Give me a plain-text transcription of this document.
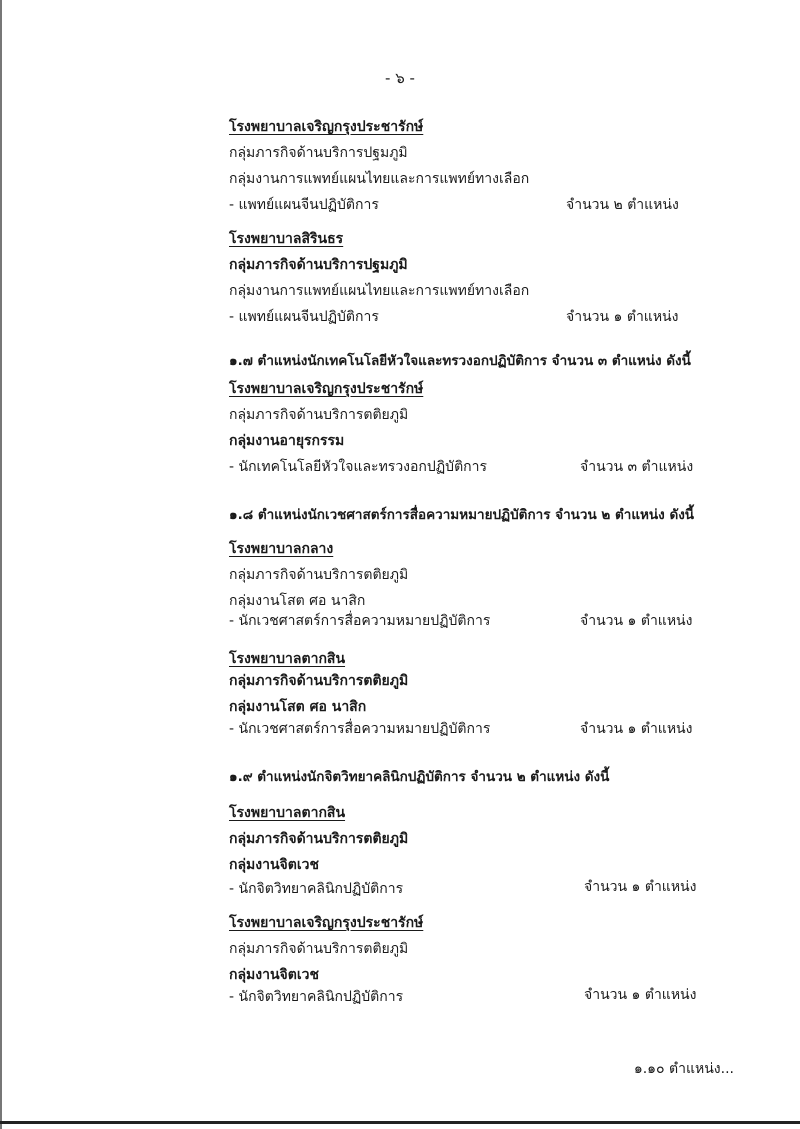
- ๖ -
โรงพยาบาลเจริญกรุงประชารักษ์
กลุ่มภารกิจด้านบริการปฐมภูมิ
กลุ่มงานการแพทย์แผนไทยและการแพทย์ทางเลือก
- แพทย์แผนจีนปฏิบัติการ	จำนวน ๒ ตำแหน่ง
โรงพยาบาลสิรินธร
กลุ่มภารกิจด้านบริการปฐมภูมิ
กลุ่มงานการแพทย์แผนไทยและการแพทย์ทางเลือก
- แพทย์แผนจีนปฏิบัติการ	จำนวน ๑ ตำแหน่ง
๑.๗ ตำแหน่งนักเทคโนโลยีหัวใจและทรวงอกปฏิบัติการ จำนวน ๓ ตำแหน่ง ดังนี้
โรงพยาบาลเจริญกรุงประชารักษ์
กลุ่มภารกิจด้านบริการตติยภูมิ
กลุ่มงานอายุรกรรม
- นักเทคโนโลยีหัวใจและทรวงอกปฏิบัติการ	จำนวน ๓ ตำแหน่ง
๑.๘ ตำแหน่งนักเวชศาสตร์การสื่อความหมายปฏิบัติการ จำนวน ๒ ตำแหน่ง ดังนี้
โรงพยาบาลกลาง
กลุ่มภารกิจด้านบริการตติยภูมิ
กลุ่มงานโสต ศอ นาสิก
- นักเวชศาสตร์การสื่อความหมายปฏิบัติการ	จำนวน ๑ ตำแหน่ง
โรงพยาบาลตากสิน
กลุ่มภารกิจด้านบริการตติยภูมิ
กลุ่มงานโสต ศอ นาสิก
- นักเวชศาสตร์การสื่อความหมายปฏิบัติการ	จำนวน ๑ ตำแหน่ง
๑.๙ ตำแหน่งนักจิตวิทยาคลินิกปฏิบัติการ จำนวน ๒ ตำแหน่ง ดังนี้
โรงพยาบาลตากสิน
กลุ่มภารกิจด้านบริการตติยภูมิ
กลุ่มงานจิตเวช
- นักจิตวิทยาคลินิกปฏิบัติการ	จำนวน ๑ ตำแหน่ง
โรงพยาบาลเจริญกรุงประชารักษ์
กลุ่มภารกิจด้านบริการตติยภูมิ
กลุ่มงานจิตเวช
- นักจิตวิทยาคลินิกปฏิบัติการ	จำนวน ๑ ตำแหน่ง
๑.๑๐ ตำแหน่ง...
